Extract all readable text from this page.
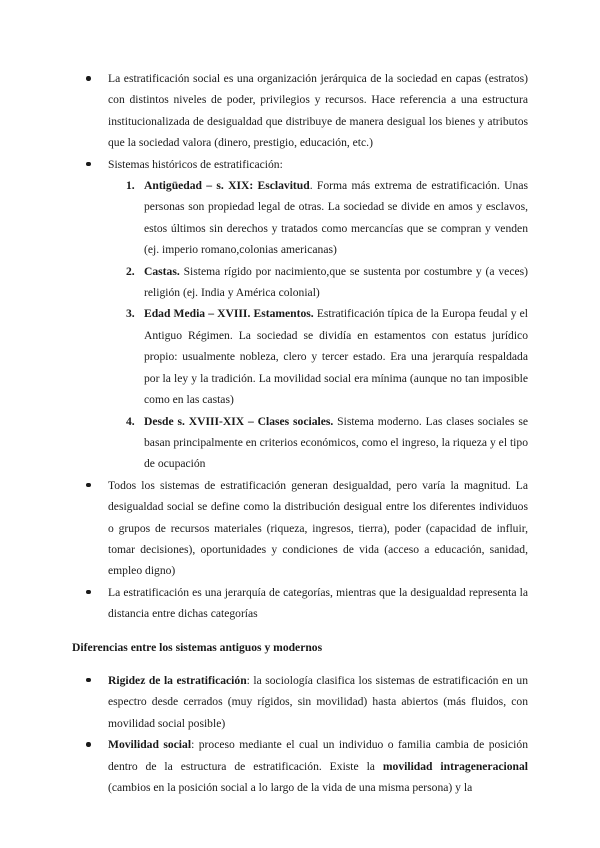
La estratificación social es una organización jerárquica de la sociedad en capas (estratos) con distintos niveles de poder, privilegios y recursos. Hace referencia a una estructura institucionalizada de desigualdad que distribuye de manera desigual los bienes y atributos que la sociedad valora (dinero, prestigio, educación, etc.)
Sistemas históricos de estratificación:
1. Antigüedad – s. XIX: Esclavitud. Forma más extrema de estratificación. Unas personas son propiedad legal de otras. La sociedad se divide en amos y esclavos, estos últimos sin derechos y tratados como mercancías que se compran y venden (ej. imperio romano,colonias americanas)
2. Castas. Sistema rígido por nacimiento,que se sustenta por costumbre y (a veces) religión (ej. India y América colonial)
3. Edad Media – XVIII. Estamentos. Estratificación típica de la Europa feudal y el Antiguo Régimen. La sociedad se dividía en estamentos con estatus jurídico propio: usualmente nobleza, clero y tercer estado. Era una jerarquía respaldada por la ley y la tradición. La movilidad social era mínima (aunque no tan imposible como en las castas)
4. Desde s. XVIII-XIX – Clases sociales. Sistema moderno. Las clases sociales se basan principalmente en criterios económicos, como el ingreso, la riqueza y el tipo de ocupación
Todos los sistemas de estratificación generan desigualdad, pero varía la magnitud. La desigualdad social se define como la distribución desigual entre los diferentes individuos o grupos de recursos materiales (riqueza, ingresos, tierra), poder (capacidad de influir, tomar decisiones), oportunidades y condiciones de vida (acceso a educación, sanidad, empleo digno)
La estratificación es una jerarquía de categorías, mientras que la desigualdad representa la distancia entre dichas categorías
Diferencias entre los sistemas antiguos y modernos
Rigidez de la estratificación: la sociología clasifica los sistemas de estratificación en un espectro desde cerrados (muy rígidos, sin movilidad) hasta abiertos (más fluidos, con movilidad social posible)
Movilidad social: proceso mediante el cual un individuo o familia cambia de posición dentro de la estructura de estratificación. Existe la movilidad intrageneracional (cambios en la posición social a lo largo de la vida de una misma persona) y la
